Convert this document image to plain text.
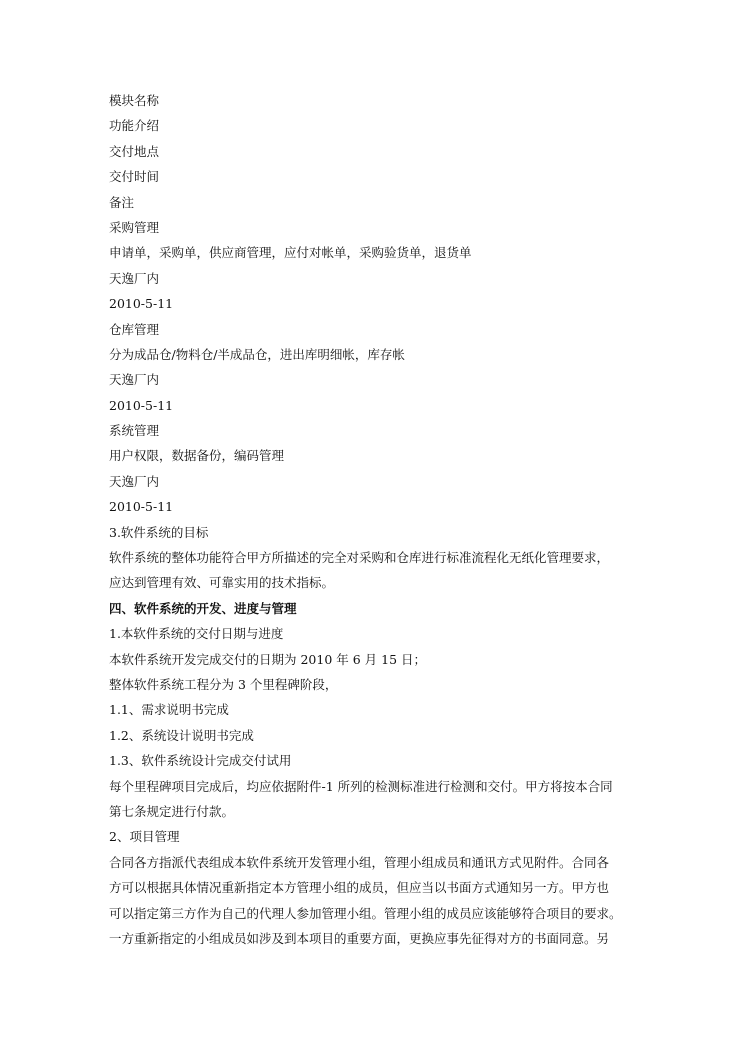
模块名称
功能介绍
交付地点
交付时间
备注
采购管理
申请单，采购单，供应商管理，应付对帐单，采购验货单，退货单
天逸厂内
2010-5-11
仓库管理
分为成品仓/物料仓/半成品仓，进出库明细帐，库存帐
天逸厂内
2010-5-11
系统管理
用户权限，数据备份，编码管理
天逸厂内
2010-5-11
3.软件系统的目标
软件系统的整体功能符合甲方所描述的完全对采购和仓库进行标准流程化无纸化管理要求，
应达到管理有效、可靠实用的技术指标。
四、软件系统的开发、进度与管理
1.本软件系统的交付日期与进度
本软件系统开发完成交付的日期为 2010 年 6 月 15 日；
整体软件系统工程分为 3 个里程碑阶段，
1.1、需求说明书完成
1.2、系统设计说明书完成
1.3、软件系统设计完成交付试用
每个里程碑项目完成后，均应依据附件-1 所列的检测标准进行检测和交付。甲方将按本合同
第七条规定进行付款。
2、项目管理
合同各方指派代表组成本软件系统开发管理小组，管理小组成员和通讯方式见附件。合同各
方可以根据具体情况重新指定本方管理小组的成员，但应当以书面方式通知另一方。甲方也
可以指定第三方作为自己的代理人参加管理小组。管理小组的成员应该能够符合项目的要求。
一方重新指定的小组成员如涉及到本项目的重要方面，更换应事先征得对方的书面同意。另
